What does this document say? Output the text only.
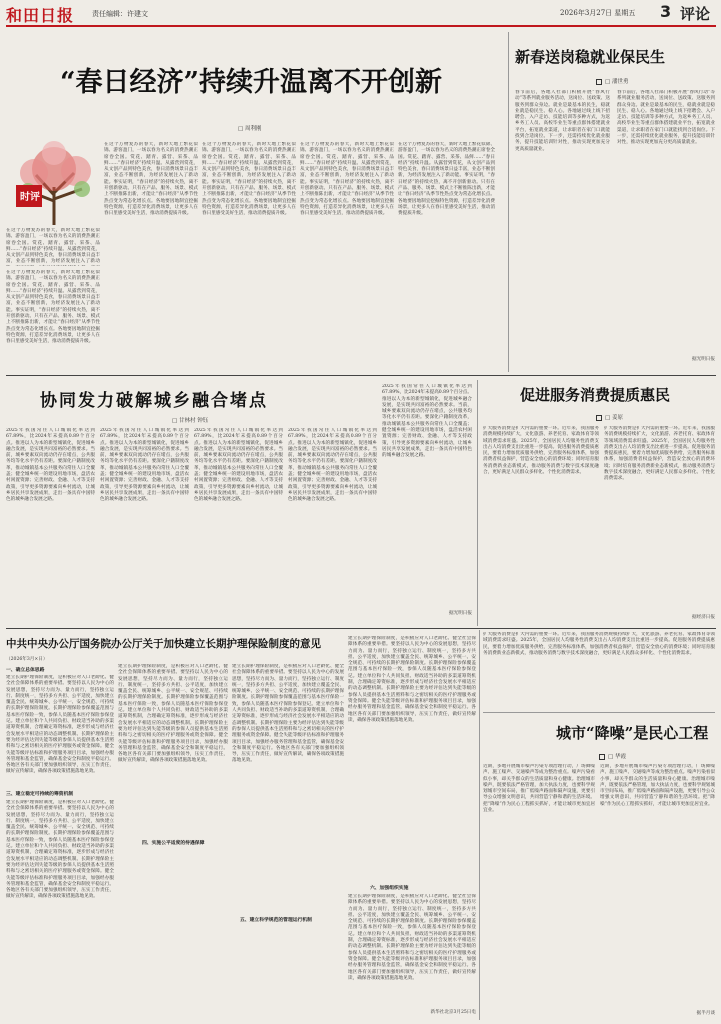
和田日报	责任编辑：许建文	2026年3月27日 星期五 3 评论
“春日经济”持续升温离不开创新
□ 周利刚
时评
在这个万物复苏的春天，新时天地上繁花似锦、游客盈门，一场以春为名义的消费热潮正席卷全国。赏花、踏青、露营、采茶、品鲜……“春日经济”持续升温。从露营到赏花，从文创产品到特色美食，春日消费场景日益丰富，业态不断创新，为经济发展注入了新动
在这个万物复苏的春天，新时天地上繁花似锦、游客盈门，一场以春为名义的消费热潮正席卷全国。赏花、踏青、露营、采茶、品鲜……“春日经济”持续升温。从露营到赏花，从文创产品到特色美食，春日消费场景日益丰富，业态不断创新，为经济发展注入了新动能。事实证明，“春日经济”的持续火热，离不开创新驱动。只有在产品、服务、场景、模式上不断推陈出新，才能让“春日经济”从季节性热点变为常态化增长点。各地要因地制宜挖掘特色资源，打造差异化消费场景，让更多人在春日里感受美好生活，推动消费提质升级。
在这个万物复苏的春天，新时天地上繁花似锦、游客盈门，一场以春为名义的消费热潮正席卷全国。赏花、踏青、露营、采茶、品鲜……“春日经济”持续升温。从露营到赏花，从文创产品到特色美食，春日消费场景日益丰富，业态不断创新，为经济发展注入了新动能。事实证明，“春日经济”的持续火热，离不开创新驱动。只有在产品、服务、场景、模式上不断推陈出新，才能让“春日经济”从季节性热点变为常态化增长点。各地要因地制宜挖掘特色资源，打造差异化消费场景，让更多人在春日里感受美好生活，推动消费提质升级。
在这个万物复苏的春天，新时天地上繁花似锦、游客盈门，一场以春为名义的消费热潮正席卷全国。赏花、踏青、露营、采茶、品鲜……“春日经济”持续升温。从露营到赏花，从文创产品到特色美食，春日消费场景日益丰富，业态不断创新，为经济发展注入了新动能。事实证明，“春日经济”的持续火热，离不开创新驱动。只有在产品、服务、场景、模式上不断推陈出新，才能让“春日经济”从季节性热点变为常态化增长点。各地要因地制宜挖掘特色资源，打造差异化消费场景，让更多人在春日里感受美好生活，推动消费提质升级。
在这个万物复苏的春天，新时天地上繁花似锦、游客盈门，一场以春为名义的消费热潮正席卷全国。赏花、踏青、露营、采茶、品鲜……“春日经济”持续升温。从露营到赏花，从文创产品到特色美食，春日消费场景日益丰富，业态不断创新，为经济发展注入了新动能。事实证明，“春日经济”的持续火热，离不开创新驱动。只有在产品、服务、场景、模式上不断推陈出新，才能让“春日经济”从季节性热点变为常态化增长点。各地要因地制宜挖掘特色资源，打造差异化消费场景，让更多人在春日里感受美好生活，推动消费提质升级。
在这个万物复苏的春天，新时天地上繁花似锦、游客盈门，一场以春为名义的消费热潮正席卷全国。赏花、踏青、露营、采茶、品鲜……“春日经济”持续升温。从露营到赏花，从文创产品到特色美食，春日消费场景日益丰富，业态不断创新，为经济发展注入了新动能。事实证明，“春日经济”的持续火热，离不开创新驱动。只有在产品、服务、场景、模式上不断推陈出新，才能让“春日经济”从季节性热点变为常态化增长点。各地要因地制宜挖掘特色资源，打造差异化消费场景，让更多人在春日里感受美好生活，推动消费提质升级。
新春送岗稳就业保民生
□ 潘世勇
春节前后，各地人社部门积极开展“春风行动”等系列就业服务活动，送岗位、送政策、送服务到群众身边。就业是最基本的民生，稳就业就是稳民生、稳人心。各地通过线上线下招聘会、入户走访、技能培训等多种方式，为返乡务工人员、高校毕业生等重点群体搭建就业平台，拓宽就业渠道，让求职者在家门口就能找到合适岗位。下一步，还需持续优化就业服务，提升技能培训针对性，推动实现更加充分更高质量就业。
春节前后，各地人社部门积极开展“春风行动”等系列就业服务活动，送岗位、送政策、送服务到群众身边。就业是最基本的民生，稳就业就是稳民生、稳人心。各地通过线上线下招聘会、入户走访、技能培训等多种方式，为返乡务工人员、高校毕业生等重点群体搭建就业平台，拓宽就业渠道，让求职者在家门口就能找到合适岗位。下一步，还需持续优化就业服务，提升技能培训针对性，推动实现更加充分更高质量就业。
据光明日报
协同发力破解城乡融合堵点
□ 甘林村 钟钰
2025年我国常住人口城镇化率达到67.89%，比2024年末提高0.89个百分点。推进以人为本的新型城镇化，促进城乡融合发展，是实现共同富裕的必然要求。当前，城乡要素双向流动仍存在堵点，公共服务均等化水平仍有差距。要深化户籍制度改革，推动城镇基本公共服务向常住人口全覆盖；健全城乡统一的建设用地市场，盘活农村闲置资源；完善财政、金融、人才等支持政策，引导更多资源要素向乡村流动，让城乡居民共享发展成果，走出一条具有中国特色的城乡融合发展之路。
2025年我国常住人口城镇化率达到67.89%，比2024年末提高0.89个百分点。推进以人为本的新型城镇化，促进城乡融合发展，是实现共同富裕的必然要求。当前，城乡要素双向流动仍存在堵点，公共服务均等化水平仍有差距。要深化户籍制度改革，推动城镇基本公共服务向常住人口全覆盖；健全城乡统一的建设用地市场，盘活农村闲置资源；完善财政、金融、人才等支持政策，引导更多资源要素向乡村流动，让城乡居民共享发展成果，走出一条具有中国特色的城乡融合发展之路。
2025年我国常住人口城镇化率达到67.89%，比2024年末提高0.89个百分点。推进以人为本的新型城镇化，促进城乡融合发展，是实现共同富裕的必然要求。当前，城乡要素双向流动仍存在堵点，公共服务均等化水平仍有差距。要深化户籍制度改革，推动城镇基本公共服务向常住人口全覆盖；健全城乡统一的建设用地市场，盘活农村闲置资源；完善财政、金融、人才等支持政策，引导更多资源要素向乡村流动，让城乡居民共享发展成果，走出一条具有中国特色的城乡融合发展之路。
2025年我国常住人口城镇化率达到67.89%，比2024年末提高0.89个百分点。推进以人为本的新型城镇化，促进城乡融合发展，是实现共同富裕的必然要求。当前，城乡要素双向流动仍存在堵点，公共服务均等化水平仍有差距。要深化户籍制度改革，推动城镇基本公共服务向常住人口全覆盖；健全城乡统一的建设用地市场，盘活农村闲置资源；完善财政、金融、人才等支持政策，引导更多资源要素向乡村流动，让城乡居民共享发展成果，走出一条具有中国特色的城乡融合发展之路。
2025年我国常住人口城镇化率达到67.89%，比2024年末提高0.89个百分点。推进以人为本的新型城镇化，促进城乡融合发展，是实现共同富裕的必然要求。当前，城乡要素双向流动仍存在堵点，公共服务均等化水平仍有差距。要深化户籍制度改革，推动城镇基本公共服务向常住人口全覆盖；健全城乡统一的建设用地市场，盘活农村闲置资源；完善财政、金融、人才等支持政策，引导更多资源要素向乡村流动，让城乡居民共享发展成果，走出一条具有中国特色的城乡融合发展之路。
据光明日报
促进服务消费提质惠民
□ 姜原
扩大服务消费是扩大内需的重要一环。近年来，我国服务消费规模持续扩大，文化旅游、养老托育、家政体育等领域消费需求旺盛。2025年，全国居民人均服务性消费支出占人均消费支出比重进一步提高。促进服务消费提质惠民，要着力增加优质服务供给，完善服务标准体系，加强消费者权益保护，营造安全放心的消费环境；同时培育服务消费新业态新模式，推动服务消费与数字技术深度融合，更好满足人民群众多样化、个性化消费需求。
扩大服务消费是扩大内需的重要一环。近年来，我国服务消费规模持续扩大，文化旅游、养老托育、家政体育等领域消费需求旺盛。2025年，全国居民人均服务性消费支出占人均消费支出比重进一步提高。促进服务消费提质惠民，要着力增加优质服务供给，完善服务标准体系，加强消费者权益保护，营造安全放心的消费环境；同时培育服务消费新业态新模式，推动服务消费与数字技术深度融合，更好满足人民群众多样化、个性化消费需求。
据经济日报
中共中央办公厅国务院办公厅关于加快建立长期护理保险制度的意见
（2026年3月×日）
一、确立总体思路
建立长期护理保险制度，是积极应对人口老龄化、健全社会保障体系的重要举措。要坚持以人民为中心的发展思想，坚持尽力而为、量力而行，坚持独立运行、制度统一，坚持多方共担、公平适度，加快建立覆盖全民、统筹城乡、公平统一、安全规范、可持续的长期护理保险制度。长期护理保险参保覆盖范围与基本医疗保险一致，参保人员随基本医疗保险参保登记。建立单位和个人共同负担、财政适当补助的多渠道筹资机制，合理确定筹资标准，逐步形成与经济社会发展水平相适应的动态调整机制。长期护理保险主要为经评估达到失能等级的参保人员提供基本生活照料和与之密切相关的医疗护理服务或资金保障。健全失能等级评估标准和护理服务项目目录，加强经办服务管理和基金监管，确保基金安全和制度平稳运行。各地区各有关部门要加强组织领导，压实工作责任，做好宣传解读，确保各项政策措施落地见效。
三、建立稳定可持续的筹资机制
建立长期护理保险制度，是积极应对人口老龄化、健全社会保障体系的重要举措。要坚持以人民为中心的发展思想，坚持尽力而为、量力而行，坚持独立运行、制度统一，坚持多方共担、公平适度，加快建立覆盖全民、统筹城乡、公平统一、安全规范、可持续的长期护理保险制度。长期护理保险参保覆盖范围与基本医疗保险一致，参保人员随基本医疗保险参保登记。建立单位和个人共同负担、财政适当补助的多渠道筹资机制，合理确定筹资标准，逐步形成与经济社会发展水平相适应的动态调整机制。长期护理保险主要为经评估达到失能等级的参保人员提供基本生活照料和与之密切相关的医疗护理服务或资金保障。健全失能等级评估标准和护理服务项目目录，加强经办服务管理和基金监管，确保基金安全和制度平稳运行。各地区各有关部门要加强组织领导，压实工作责任，做好宣传解读，确保各项政策措施落地见效。
建立长期护理保险制度，是积极应对人口老龄化、健全社会保障体系的重要举措。要坚持以人民为中心的发展思想，坚持尽力而为、量力而行，坚持独立运行、制度统一，坚持多方共担、公平适度，加快建立覆盖全民、统筹城乡、公平统一、安全规范、可持续的长期护理保险制度。长期护理保险参保覆盖范围与基本医疗保险一致，参保人员随基本医疗保险参保登记。建立单位和个人共同负担、财政适当补助的多渠道筹资机制，合理确定筹资标准，逐步形成与经济社会发展水平相适应的动态调整机制。长期护理保险主要为经评估达到失能等级的参保人员提供基本生活照料和与之密切相关的医疗护理服务或资金保障。健全失能等级评估标准和护理服务项目目录，加强经办服务管理和基金监管，确保基金安全和制度平稳运行。各地区各有关部门要加强组织领导，压实工作责任，做好宣传解读，确保各项政策措施落地见效。
四、实施公平适度的待遇保障
建立长期护理保险制度，是积极应对人口老龄化、健全社会保障体系的重要举措。要坚持以人民为中心的发展思想，坚持尽力而为、量力而行，坚持独立运行、制度统一，坚持多方共担、公平适度，加快建立覆盖全民、统筹城乡、公平统一、安全规范、可持续的长期护理保险制度。长期护理保险参保覆盖范围与基本医疗保险一致，参保人员随基本医疗保险参保登记。建立单位和个人共同负担、财政适当补助的多渠道筹资机制，合理确定筹资标准，逐步形成与经济社会发展水平相适应的动态调整机制。长期护理保险主要为经评估达到失能等级的参保人员提供基本生活照料和与之密切相关的医疗护理服务或资金保障。健全失能等级评估标准和护理服务项目目录，加强经办服务管理和基金监管，确保基金安全和制度平稳运行。各地区各有关部门要加强组织领导，压实工作责任，做好宣传解读，确保各项政策措施落地见效。
五、建立科学规范的管理运行机制
建立长期护理保险制度，是积极应对人口老龄化、健全社会保障体系的重要举措。要坚持以人民为中心的发展思想，坚持尽力而为、量力而行，坚持独立运行、制度统一，坚持多方共担、公平适度，加快建立覆盖全民、统筹城乡、公平统一、安全规范、可持续的长期护理保险制度。长期护理保险参保覆盖范围与基本医疗保险一致，参保人员随基本医疗保险参保登记。建立单位和个人共同负担、财政适当补助的多渠道筹资机制，合理确定筹资标准，逐步形成与经济社会发展水平相适应的动态调整机制。长期护理保险主要为经评估达到失能等级的参保人员提供基本生活照料和与之密切相关的医疗护理服务或资金保障。健全失能等级评估标准和护理服务项目目录，加强经办服务管理和基金监管，确保基金安全和制度平稳运行。各地区各有关部门要加强组织领导，压实工作责任，做好宣传解读，确保各项政策措施落地见效。
六、加强组织实施
建立长期护理保险制度，是积极应对人口老龄化、健全社会保障体系的重要举措。要坚持以人民为中心的发展思想，坚持尽力而为、量力而行，坚持独立运行、制度统一，坚持多方共担、公平适度，加快建立覆盖全民、统筹城乡、公平统一、安全规范、可持续的长期护理保险制度。长期护理保险参保覆盖范围与基本医疗保险一致，参保人员随基本医疗保险参保登记。建立单位和个人共同负担、财政适当补助的多渠道筹资机制，合理确定筹资标准，逐步形成与经济社会发展水平相适应的动态调整机制。长期护理保险主要为经评估达到失能等级的参保人员提供基本生活照料和与之密切相关的医疗护理服务或资金保障。健全失能等级评估标准和护理服务项目目录，加强经办服务管理和基金监管，确保基金安全和制度平稳运行。各地区各有关部门要加强组织领导，压实工作责任，做好宣传解读，确保各项政策措施落地见效。
新华社北京3月25日电
扩大服务消费是扩大内需的重要一环。近年来，我国服务消费规模持续扩大，文化旅游、养老托育、家政体育等领域消费需求旺盛。2025年，全国居民人均服务性消费支出占人均消费支出比重进一步提高。促进服务消费提质惠民，要着力增加优质服务供给，完善服务标准体系，加强消费者权益保护，营造安全放心的消费环境；同时培育服务消费新业态新模式，推动服务消费与数字技术深度融合，更好满足人民群众多样化、个性化消费需求。
城市“降噪”是民心工程
□ 华霞
近期，多地开展城市噪声污染专项治理行动，广场舞噪声、施工噪声、交通噪声等成为整治重点。噪声污染看似小事，却关乎群众的生活质量和身心健康。治理城市噪声，既要依法严格管理，加大执法力度，也要科学规划城市空间布局，推广低噪声路面和隔声设施，更要引导公众增强文明意识，共同营造宁静和谐的生活环境。把“降噪”作为民心工程抓实抓好，才能让城市更加宜居宜业。
近期，多地开展城市噪声污染专项治理行动，广场舞噪声、施工噪声、交通噪声等成为整治重点。噪声污染看似小事，却关乎群众的生活质量和身心健康。治理城市噪声，既要依法严格管理，加大执法力度，也要科学规划城市空间布局，推广低噪声路面和隔声设施，更要引导公众增强文明意识，共同营造宁静和谐的生活环境。把“降噪”作为民心工程抓实抓好，才能让城市更加宜居宜业。
据半月谈
